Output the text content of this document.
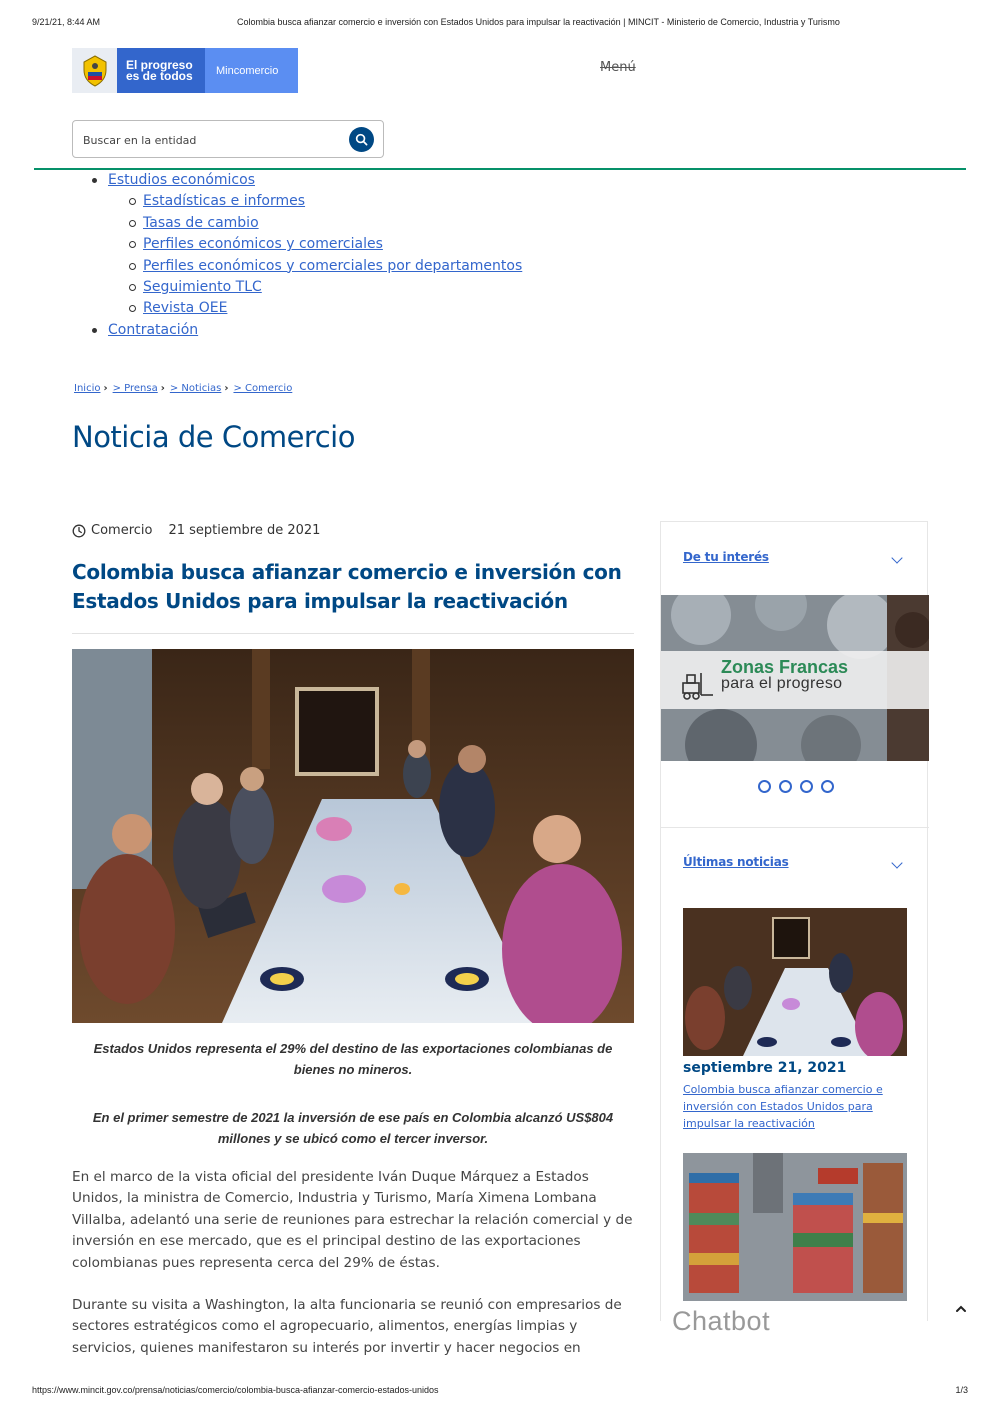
9/21/21, 8:44 AM	Colombia busca afianzar comercio e inversión con Estados Unidos para impulsar la reactivación | MINCIT - Ministerio de Comercio, Industria y Turismo
El progreso
es de todos	Mincomercio	Menú
Buscar en la entidad
Estudios económicos
Estadísticas e informes
Tasas de cambio
Perfiles económicos y comerciales
Perfiles económicos y comerciales por departamentos
Seguimiento TLC
Revista OEE
Contratación
Inicio › > Prensa › > Noticias › > Comercio
Noticia de Comercio
Comercio 21 septiembre de 2021
Colombia busca afianzar comercio e inversión con Estados Unidos para impulsar la reactivación

Estados Unidos representa el 29% del destino de las exportaciones colombianas de bienes no mineros.

En el primer semestre de 2021 la inversión de ese país en Colombia alcanzó US$804 millones y se ubicó como el tercer inversor.

En el marco de la vista oficial del presidente Iván Duque Márquez a Estados Unidos, la ministra de Comercio, Industria y Turismo, María Ximena Lombana Villalba, adelantó una serie de reuniones para estrechar la relación comercial y de inversión en ese mercado, que es el principal destino de las exportaciones colombianas pues representa cerca del 29% de éstas.

Durante su visita a Washington, la alta funcionaria se reunió con empresarios de sectores estratégicos como el agropecuario, alimentos, energías limpias y servicios, quienes manifestaron su interés por invertir y hacer negocios en

De tu interés
Zonas Francas
para el progreso
Últimas noticias
septiembre 21, 2021
Colombia busca afianzar comercio e inversión con Estados Unidos para impulsar la reactivación
Chatbot
https://www.mincit.gov.co/prensa/noticias/comercio/colombia-busca-afianzar-comercio-estados-unidos	1/3
